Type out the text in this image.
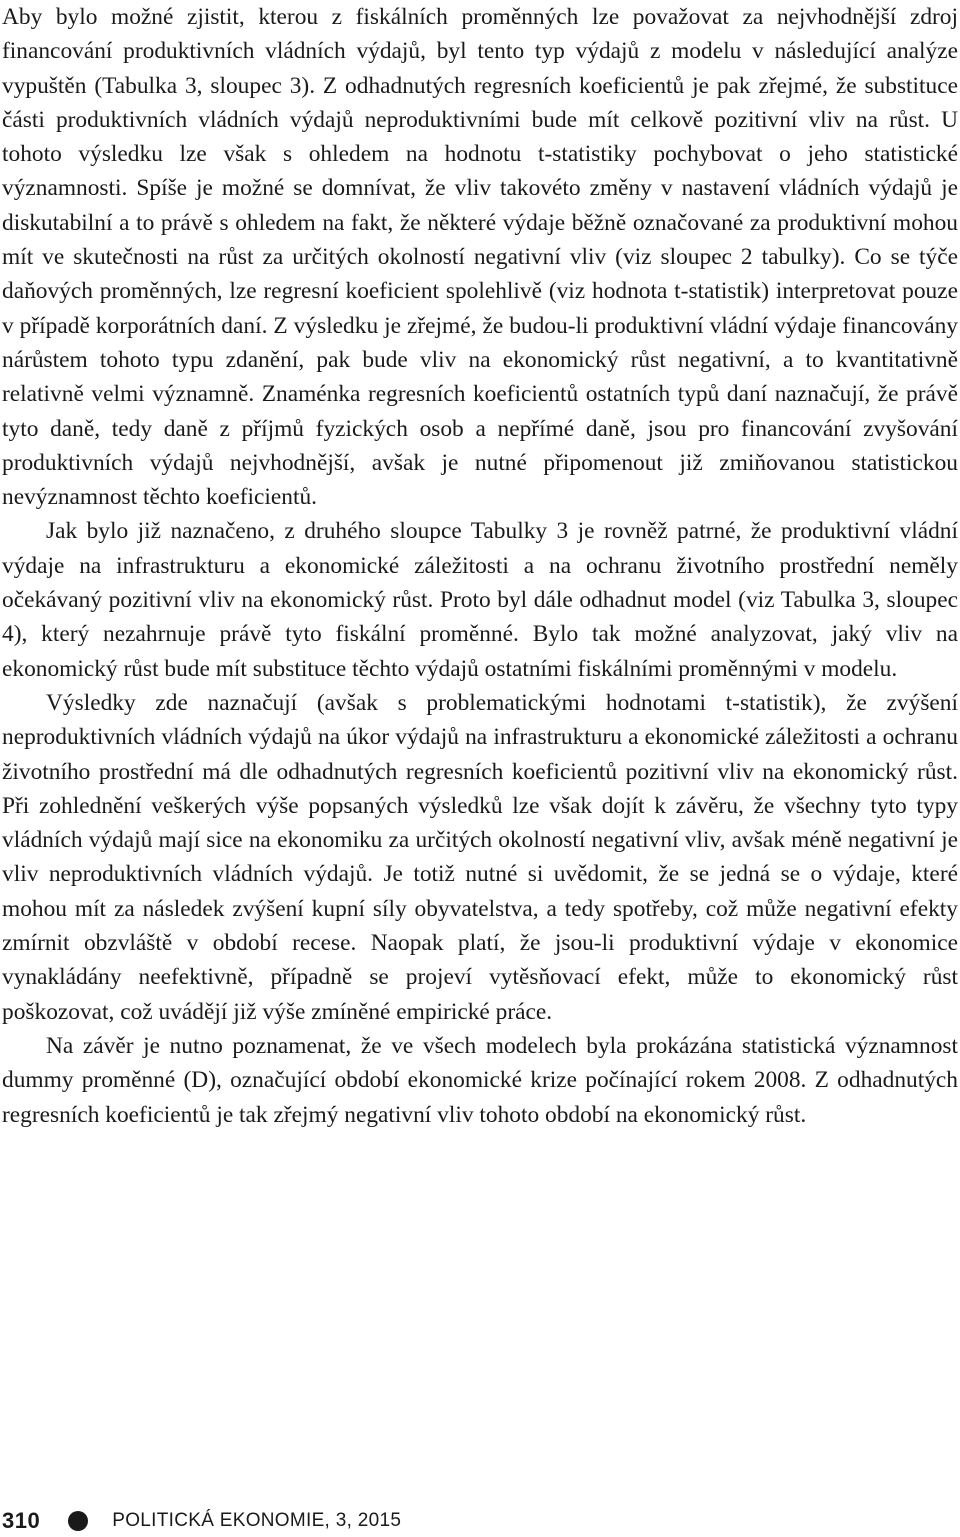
Aby bylo možné zjistit, kterou z fiskálních proměnných lze považovat za nejvhodnější zdroj financování produktivních vládních výdajů, byl tento typ výdajů z modelu v následující analýze vypuštěn (Tabulka 3, sloupec 3). Z odhadnutých regresních koeficientů je pak zřejmé, že substituce části produktivních vládních výdajů neproduktivními bude mít celkově pozitivní vliv na růst. U tohoto výsledku lze však s ohledem na hodnotu t-statistiky pochybovat o jeho statistické významnosti. Spíše je možné se domnívat, že vliv takovéto změny v nastavení vládních výdajů je diskutabilní a to právě s ohledem na fakt, že některé výdaje běžně označované za produktivní mohou mít ve skutečnosti na růst za určitých okolností negativní vliv (viz sloupec 2 tabulky). Co se týče daňových proměnných, lze regresní koeficient spolehlivě (viz hodnota t-statistik) interpretovat pouze v případě korporátních daní. Z výsledku je zřejmé, že budou-li produktivní vládní výdaje financovány nárůstem tohoto typu zdanění, pak bude vliv na ekonomický růst negativní, a to kvantitativně relativně velmi významně. Znaménka regresních koeficientů ostatních typů daní naznačují, že právě tyto daně, tedy daně z příjmů fyzických osob a nepřímé daně, jsou pro financování zvyšování produktivních výdajů nejvhodnější, avšak je nutné připomenout již zmiňovanou statistickou nevýznamnost těchto koeficientů.

Jak bylo již naznačeno, z druhého sloupce Tabulky 3 je rovněž patrné, že produktivní vládní výdaje na infrastrukturu a ekonomické záležitosti a na ochranu životního prostřední neměly očekávaný pozitivní vliv na ekonomický růst. Proto byl dále odhadnut model (viz Tabulka 3, sloupec 4), který nezahrnuje právě tyto fiskální proměnné. Bylo tak možné analyzovat, jaký vliv na ekonomický růst bude mít substituce těchto výdajů ostatními fiskálními proměnnými v modelu.

Výsledky zde naznačují (avšak s problematickými hodnotami t-statistik), že zvýšení neproduktivních vládních výdajů na úkor výdajů na infrastrukturu a ekonomické záležitosti a ochranu životního prostřední má dle odhadnutých regresních koeficientů pozitivní vliv na ekonomický růst. Při zohlednění veškerých výše popsaných výsledků lze však dojít k závěru, že všechny tyto typy vládních výdajů mají sice na ekonomiku za určitých okolností negativní vliv, avšak méně negativní je vliv neproduktivních vládních výdajů. Je totiž nutné si uvědomit, že se jedná se o výdaje, které mohou mít za následek zvýšení kupní síly obyvatelstva, a tedy spotřeby, což může negativní efekty zmírnit obzvláště v období recese. Naopak platí, že jsou-li produktivní výdaje v ekonomice vynakládány neefektivně, případně se projeví vytěsňovací efekt, může to ekonomický růst poškozovat, což uvádějí již výše zmíněné empirické práce.

Na závěr je nutno poznamenat, že ve všech modelech byla prokázána statistická významnost dummy proměnné (D), označující období ekonomické krize počínající rokem 2008. Z odhadnutých regresních koeficientů je tak zřejmý negativní vliv tohoto období na ekonomický růst.

310	POLITICKÁ EKONOMIE, 3, 2015
